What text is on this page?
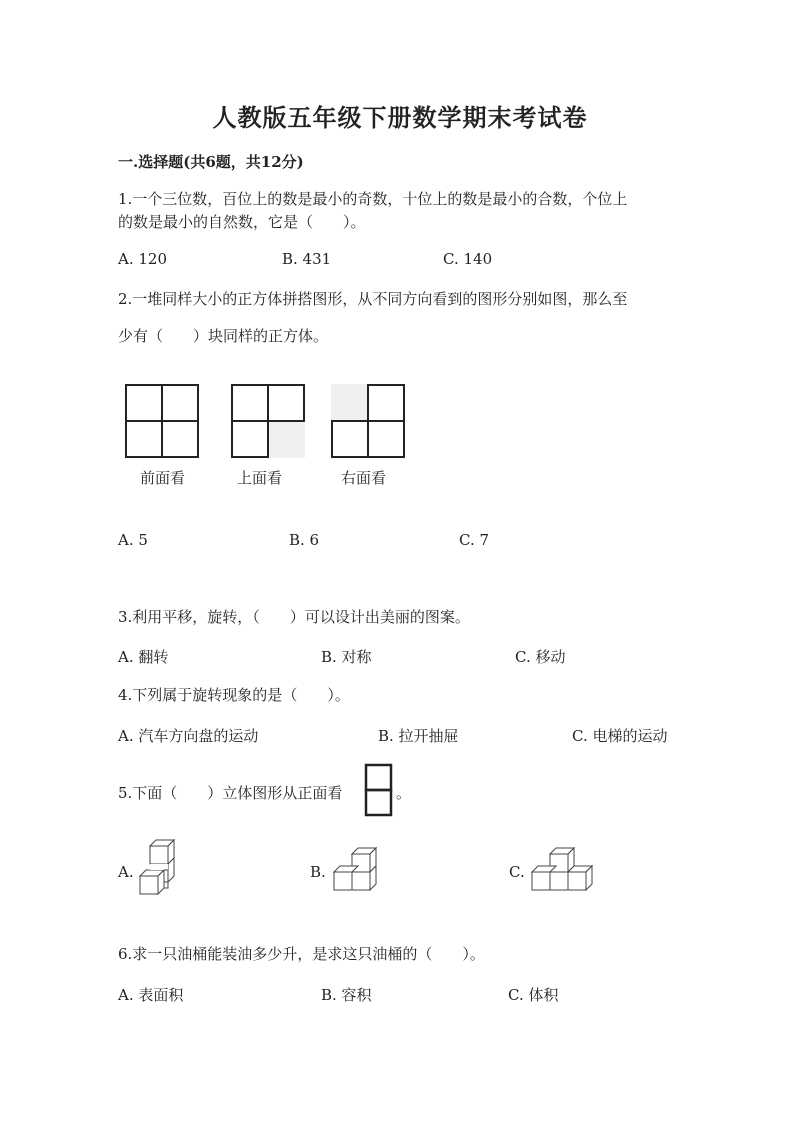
人教版五年级下册数学期末考试卷
一.选择题(共6题，共12分)
1.一个三位数，百位上的数是最小的奇数，十位上的数是最小的合数，个位上
的数是最小的自然数，它是（　　）。
A. 120	B. 431	C. 140
2.一堆同样大小的正方体拼搭图形，从不同方向看到的图形分别如图，那么至
少有（　　）块同样的正方体。
前面看	上面看	右面看
A. 5	B. 6	C. 7
3.利用平移，旋转，（　　）可以设计出美丽的图案。
A. 翻转	B. 对称	C. 移动
4.下列属于旋转现象的是（　　）。
A. 汽车方向盘的运动	B. 拉开抽屉	C. 电梯的运动
5.下面（　　）立体图形从正面看	。
A.	B.	C.
6.求一只油桶能装油多少升，是求这只油桶的（　　）。
A. 表面积	B. 容积	C. 体积
